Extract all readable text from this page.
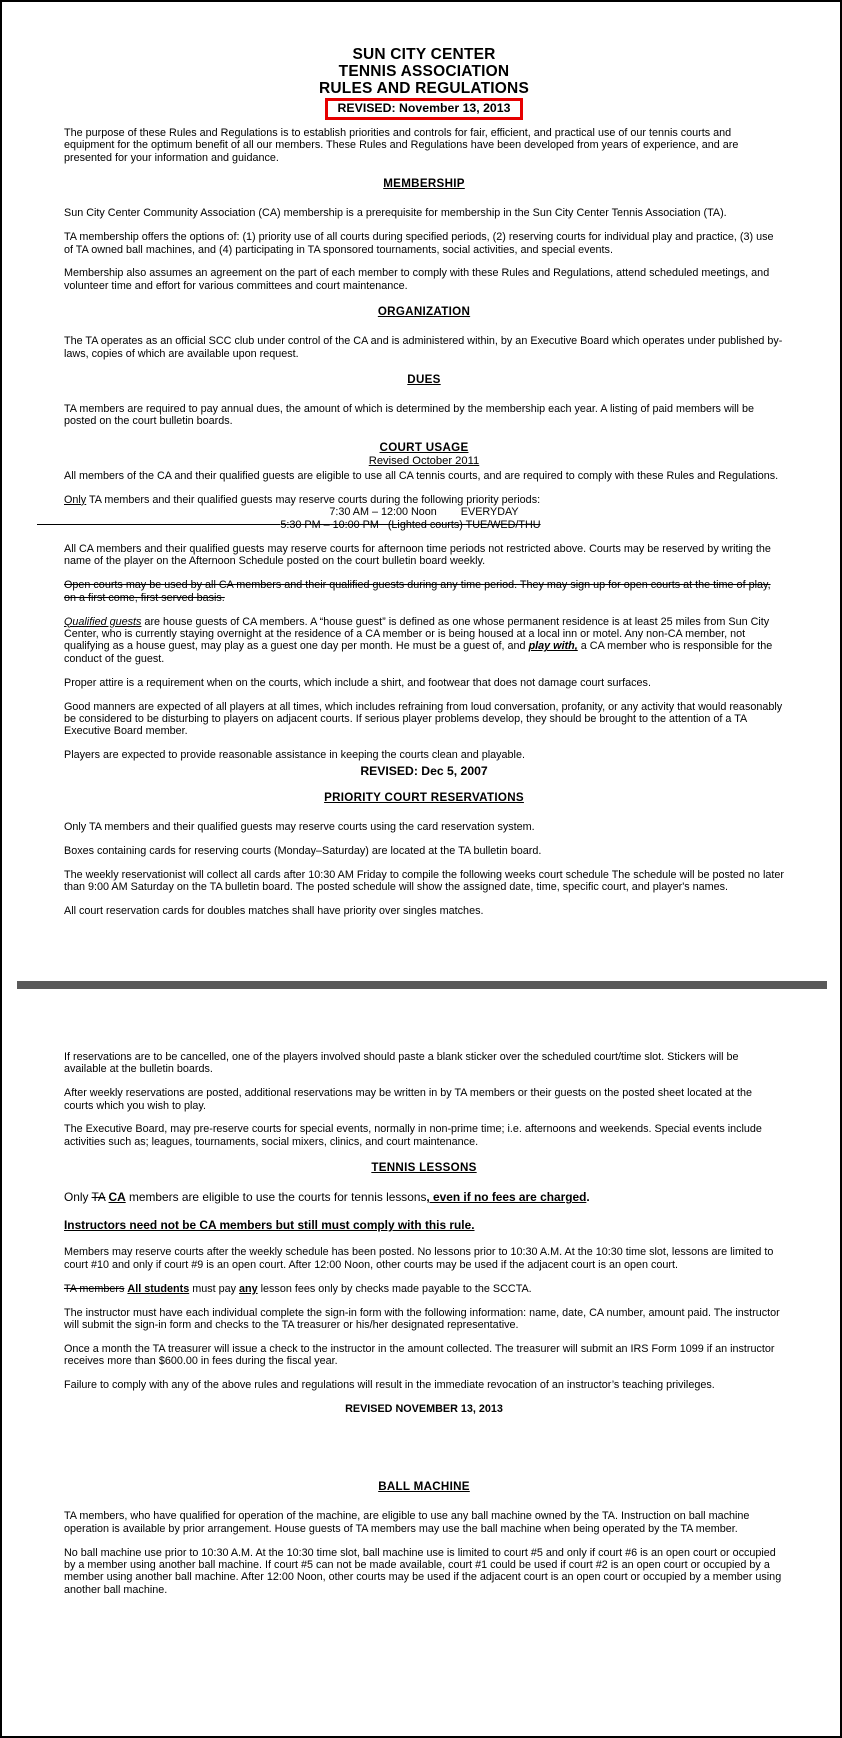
SUN CITY CENTER
TENNIS ASSOCIATION
RULES AND REGULATIONS
REVISED: November 13, 2013

The purpose of these Rules and Regulations is to establish priorities and controls for fair, efficient, and practical use of our tennis courts and equipment for the optimum benefit of all our members. These Rules and Regulations have been developed from years of experience, and are presented for your information and guidance.

MEMBERSHIP

Sun City Center Community Association (CA) membership is a prerequisite for membership in the Sun City Center Tennis Association (TA).

TA membership offers the options of: (1) priority use of all courts during specified periods, (2) reserving courts for individual play and practice, (3) use of TA owned ball machines, and (4) participating in TA sponsored tournaments, social activities, and special events.

Membership also assumes an agreement on the part of each member to comply with these Rules and Regulations, attend scheduled meetings, and volunteer time and effort for various committees and court maintenance.

ORGANIZATION

The TA operates as an official SCC club under control of the CA and is administered within, by an Executive Board which operates under published by-laws, copies of which are available upon request.

DUES

TA members are required to pay annual dues, the amount of which is determined by the membership each year. A listing of paid members will be posted on the court bulletin boards.

COURT USAGE
Revised October 2011

All members of the CA and their qualified guests are eligible to use all CA tennis courts, and are required to comply with these Rules and Regulations.

Only TA members and their qualified guests may reserve courts during the following priority periods:

7:30 AM – 12:00 Noon        EVERYDAY
5:30 PM – 10:00 PM   (Lighted courts) TUE/WED/THU

All CA members and their qualified guests may reserve courts for afternoon time periods not restricted above. Courts may be reserved by writing the name of the player on the Afternoon Schedule posted on the court bulletin board weekly.

Open courts may be used by all CA members and their qualified guests during any time period. They may sign up for open courts at the time of play, on a first come, first served basis.

Qualified guests are house guests of CA members. A “house guest” is defined as one whose permanent residence is at least 25 miles from Sun City Center, who is currently staying overnight at the residence of a CA member or is being housed at a local inn or motel. Any non-CA member, not qualifying as a house guest, may play as a guest one day per month. He must be a guest of, and play with, a CA member who is responsible for the conduct of the guest.

Proper attire is a requirement when on the courts, which include a shirt, and footwear that does not damage court surfaces.

Good manners are expected of all players at all times, which includes refraining from loud conversation, profanity, or any activity that would reasonably be considered to be disturbing to players on adjacent courts. If serious player problems develop, they should be brought to the attention of a TA Executive Board member.

Players are expected to provide reasonable assistance in keeping the courts clean and playable.

REVISED: Dec 5, 2007
PRIORITY COURT RESERVATIONS

Only TA members and their qualified guests may reserve courts using the card reservation system.

Boxes containing cards for reserving courts (Monday–Saturday) are located at the TA bulletin board.

The weekly reservationist will collect all cards after 10:30 AM Friday to compile the following weeks court schedule The schedule will be posted no later than 9:00 AM Saturday on the TA bulletin board. The posted schedule will show the assigned date, time, specific court, and player's names.

All court reservation cards for doubles matches shall have priority over singles matches.

If reservations are to be cancelled, one of the players involved should paste a blank sticker over the scheduled court/time slot. Stickers will be available at the bulletin boards.

After weekly reservations are posted, additional reservations may be written in by TA members or their guests on the posted sheet located at the courts which you wish to play.

The Executive Board, may pre-reserve courts for special events, normally in non-prime time; i.e. afternoons and weekends. Special events include activities such as; leagues, tournaments, social mixers, clinics, and court maintenance.

TENNIS LESSONS

Only TA CA members are eligible to use the courts for tennis lessons, even if no fees are charged.

Instructors need not be CA members but still must comply with this rule.

Members may reserve courts after the weekly schedule has been posted. No lessons prior to 10:30 A.M. At the 10:30 time slot, lessons are limited to court #10 and only if court #9 is an open court. After 12:00 Noon, other courts may be used if the adjacent court is an open court.

TA members All students must pay any lesson fees only by checks made payable to the SCCTA.

The instructor must have each individual complete the sign-in form with the following information: name, date, CA number, amount paid. The instructor will submit the sign-in form and checks to the TA treasurer or his/her designated representative.

Once a month the TA treasurer will issue a check to the instructor in the amount collected. The treasurer will submit an IRS Form 1099 if an instructor receives more than $600.00 in fees during the fiscal year.

Failure to comply with any of the above rules and regulations will result in the immediate revocation of an instructor’s teaching privileges.

REVISED NOVEMBER 13, 2013
BALL MACHINE

TA members, who have qualified for operation of the machine, are eligible to use any ball machine owned by the TA. Instruction on ball machine operation is available by prior arrangement. House guests of TA members may use the ball machine when being operated by the TA member.

No ball machine use prior to 10:30 A.M. At the 10:30 time slot, ball machine use is limited to court #5 and only if court #6 is an open court or occupied by a member using another ball machine. If court #5 can not be made available, court #1 could be used if court #2 is an open court or occupied by a member using another ball machine. After 12:00 Noon, other courts may be used if the adjacent court is an open court or occupied by a member using another ball machine.
